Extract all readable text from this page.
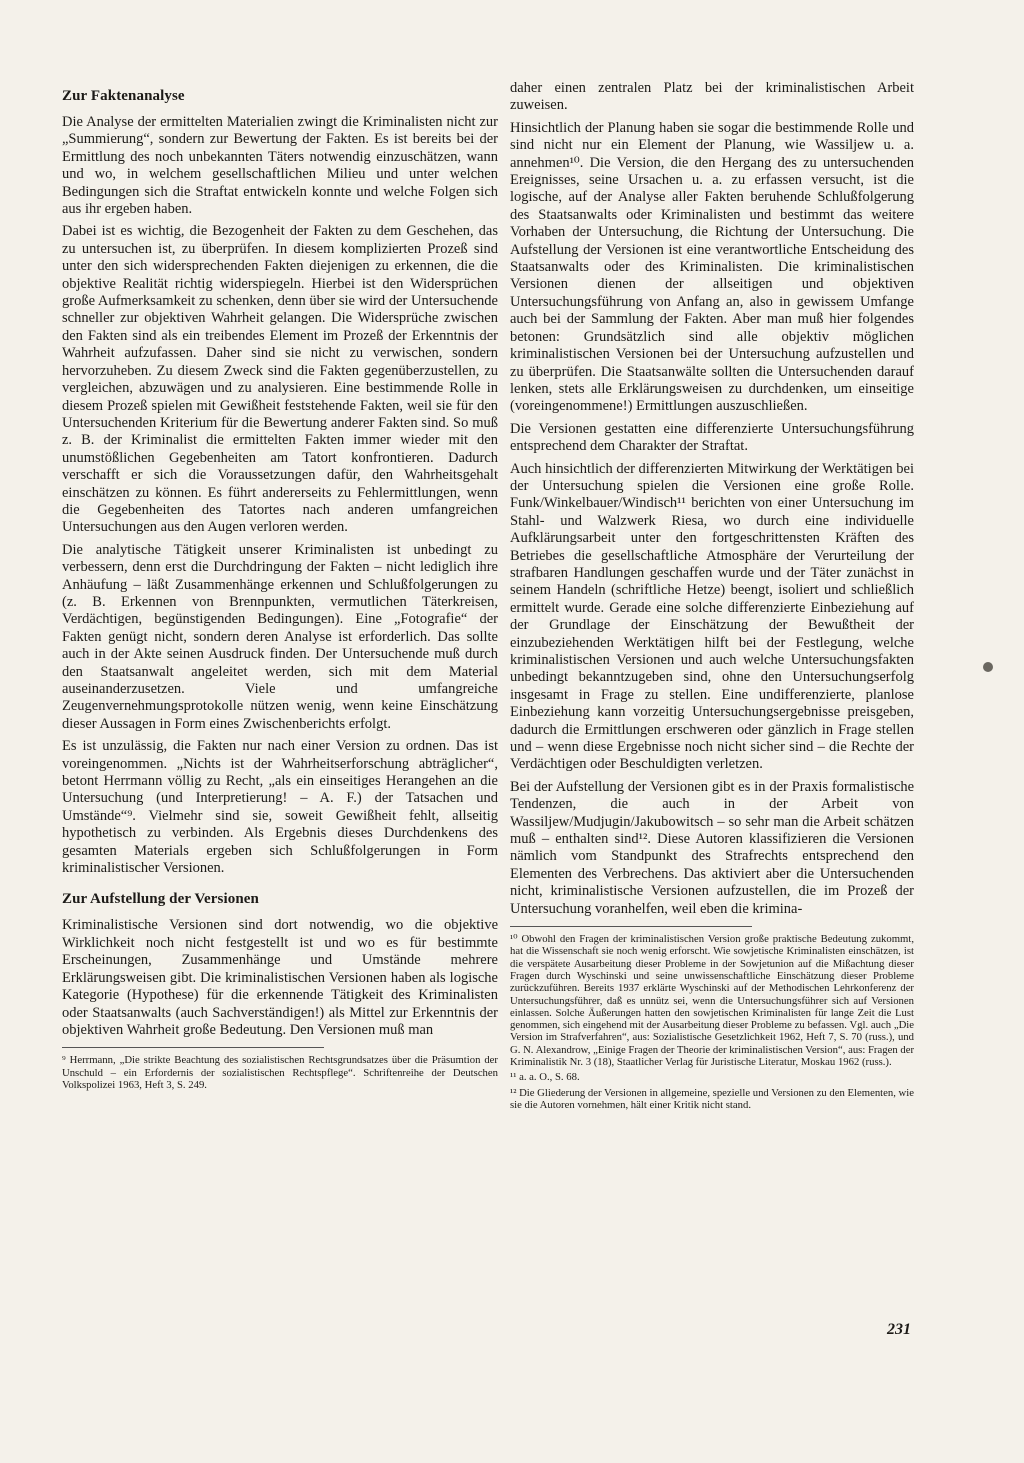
Zur Faktenanalyse

Die Analyse der ermittelten Materialien zwingt die Kriminalisten nicht zur „Summierung“, sondern zur Bewertung der Fakten. Es ist bereits bei der Ermittlung des noch unbekannten Täters notwendig einzuschätzen, wann und wo, in welchem gesellschaftlichen Milieu und unter welchen Bedingungen sich die Straftat entwickeln konnte und welche Folgen sich aus ihr ergeben haben.

Dabei ist es wichtig, die Bezogenheit der Fakten zu dem Geschehen, das zu untersuchen ist, zu überprüfen. In diesem komplizierten Prozeß sind unter den sich widersprechenden Fakten diejenigen zu erkennen, die die objektive Realität richtig widerspiegeln. Hierbei ist den Widersprüchen große Aufmerksamkeit zu schenken, denn über sie wird der Untersuchende schneller zur objektiven Wahrheit gelangen. Die Widersprüche zwischen den Fakten sind als ein treibendes Element im Prozeß der Erkenntnis der Wahrheit aufzufassen. Daher sind sie nicht zu verwischen, sondern hervorzuheben. Zu diesem Zweck sind die Fakten gegenüberzustellen, zu vergleichen, abzuwägen und zu analysieren. Eine bestimmende Rolle in diesem Prozeß spielen mit Gewißheit feststehende Fakten, weil sie für den Untersuchenden Kriterium für die Bewertung anderer Fakten sind. So muß z. B. der Kriminalist die ermittelten Fakten immer wieder mit den unumstößlichen Gegebenheiten am Tatort konfrontieren. Dadurch verschafft er sich die Voraussetzungen dafür, den Wahrheitsgehalt einschätzen zu können. Es führt andererseits zu Fehlermittlungen, wenn die Gegebenheiten des Tatortes nach anderen umfangreichen Untersuchungen aus den Augen verloren werden.

Die analytische Tätigkeit unserer Kriminalisten ist unbedingt zu verbessern, denn erst die Durchdringung der Fakten – nicht lediglich ihre Anhäufung – läßt Zusammenhänge erkennen und Schlußfolgerungen zu (z. B. Erkennen von Brennpunkten, vermutlichen Täterkreisen, Verdächtigen, begünstigenden Bedingungen). Eine „Fotografie“ der Fakten genügt nicht, sondern deren Analyse ist erforderlich. Das sollte auch in der Akte seinen Ausdruck finden. Der Untersuchende muß durch den Staatsanwalt angeleitet werden, sich mit dem Material auseinanderzusetzen. Viele und umfangreiche Zeugenvernehmungsprotokolle nützen wenig, wenn keine Einschätzung dieser Aussagen in Form eines Zwischenberichts erfolgt.

Es ist unzulässig, die Fakten nur nach einer Version zu ordnen. Das ist voreingenommen. „Nichts ist der Wahrheitserforschung abträglicher“, betont Herrmann völlig zu Recht, „als ein einseitiges Herangehen an die Untersuchung (und Interpretierung! – A. F.) der Tatsachen und Umstände“⁹. Vielmehr sind sie, soweit Gewißheit fehlt, allseitig hypothetisch zu verbinden. Als Ergebnis dieses Durchdenkens des gesamten Materials ergeben sich Schlußfolgerungen in Form kriminalistischer Versionen.

Zur Aufstellung der Versionen

Kriminalistische Versionen sind dort notwendig, wo die objektive Wirklichkeit noch nicht festgestellt ist und wo es für bestimmte Erscheinungen, Zusammenhänge und Umstände mehrere Erklärungsweisen gibt. Die kriminalistischen Versionen haben als logische Kategorie (Hypothese) für die erkennende Tätigkeit des Kriminalisten oder Staatsanwalts (auch Sachverständigen!) als Mittel zur Erkenntnis der objektiven Wahrheit große Bedeutung. Den Versionen muß man

⁹ Herrmann, „Die strikte Beachtung des sozialistischen Rechtsgrundsatzes über die Präsumtion der Unschuld – ein Erfordernis der sozialistischen Rechtspflege“. Schriftenreihe der Deutschen Volkspolizei 1963, Heft 3, S. 249.

daher einen zentralen Platz bei der kriminalistischen Arbeit zuweisen.

Hinsichtlich der Planung haben sie sogar die bestimmende Rolle und sind nicht nur ein Element der Planung, wie Wassiljew u. a. annehmen¹⁰. Die Version, die den Hergang des zu untersuchenden Ereignisses, seine Ursachen u. a. zu erfassen versucht, ist die logische, auf der Analyse aller Fakten beruhende Schlußfolgerung des Staatsanwalts oder Kriminalisten und bestimmt das weitere Vorhaben der Untersuchung, die Richtung der Untersuchung. Die Aufstellung der Versionen ist eine verantwortliche Entscheidung des Staatsanwalts oder des Kriminalisten. Die kriminalistischen Versionen dienen der allseitigen und objektiven Untersuchungsführung von Anfang an, also in gewissem Umfange auch bei der Sammlung der Fakten. Aber man muß hier folgendes betonen: Grundsätzlich sind alle objektiv möglichen kriminalistischen Versionen bei der Untersuchung aufzustellen und zu überprüfen. Die Staatsanwälte sollten die Untersuchenden darauf lenken, stets alle Erklärungsweisen zu durchdenken, um einseitige (voreingenommene!) Ermittlungen auszuschließen.

Die Versionen gestatten eine differenzierte Untersuchungsführung entsprechend dem Charakter der Straftat.

Auch hinsichtlich der differenzierten Mitwirkung der Werktätigen bei der Untersuchung spielen die Versionen eine große Rolle. Funk/Winkelbauer/Windisch¹¹ berichten von einer Untersuchung im Stahl- und Walzwerk Riesa, wo durch eine individuelle Aufklärungsarbeit unter den fortgeschrittensten Kräften des Betriebes die gesellschaftliche Atmosphäre der Verurteilung der strafbaren Handlungen geschaffen wurde und der Täter zunächst in seinem Handeln (schriftliche Hetze) beengt, isoliert und schließlich ermittelt wurde. Gerade eine solche differenzierte Einbeziehung auf der Grundlage der Einschätzung der Bewußtheit der einzubeziehenden Werktätigen hilft bei der Festlegung, welche kriminalistischen Versionen und auch welche Untersuchungsfakten unbedingt bekanntzugeben sind, ohne den Untersuchungserfolg insgesamt in Frage zu stellen. Eine undifferenzierte, planlose Einbeziehung kann vorzeitig Untersuchungsergebnisse preisgeben, dadurch die Ermittlungen erschweren oder gänzlich in Frage stellen und – wenn diese Ergebnisse noch nicht sicher sind – die Rechte der Verdächtigen oder Beschuldigten verletzen.

Bei der Aufstellung der Versionen gibt es in der Praxis formalistische Tendenzen, die auch in der Arbeit von Wassiljew/Mudjugin/Jakubowitsch – so sehr man die Arbeit schätzen muß – enthalten sind¹². Diese Autoren klassifizieren die Versionen nämlich vom Standpunkt des Strafrechts entsprechend den Elementen des Verbrechens. Das aktiviert aber die Untersuchenden nicht, kriminalistische Versionen aufzustellen, die im Prozeß der Untersuchung voranhelfen, weil eben die krimina-

¹⁰ Obwohl den Fragen der kriminalistischen Version große praktische Bedeutung zukommt, hat die Wissenschaft sie noch wenig erforscht. Wie sowjetische Kriminalisten einschätzen, ist die verspätete Ausarbeitung dieser Probleme in der Sowjetunion auf die Mißachtung dieser Fragen durch Wyschinski und seine unwissenschaftliche Einschätzung dieser Probleme zurückzuführen. Bereits 1937 erklärte Wyschinski auf der Methodischen Lehrkonferenz der Untersuchungsführer, daß es unnütz sei, wenn die Untersuchungsführer sich auf Versionen einlassen. Solche Äußerungen hatten den sowjetischen Kriminalisten für lange Zeit die Lust genommen, sich eingehend mit der Ausarbeitung dieser Probleme zu befassen. Vgl. auch „Die Version im Strafverfahren“, aus: Sozialistische Gesetzlichkeit 1962, Heft 7, S. 70 (russ.), und G. N. Alexandrow, „Einige Fragen der Theorie der kriminalistischen Version“, aus: Fragen der Kriminalistik Nr. 3 (18), Staatlicher Verlag für Juristische Literatur, Moskau 1962 (russ.).

¹¹ a. a. O., S. 68.

¹² Die Gliederung der Versionen in allgemeine, spezielle und Versionen zu den Elementen, wie sie die Autoren vornehmen, hält einer Kritik nicht stand.

231
